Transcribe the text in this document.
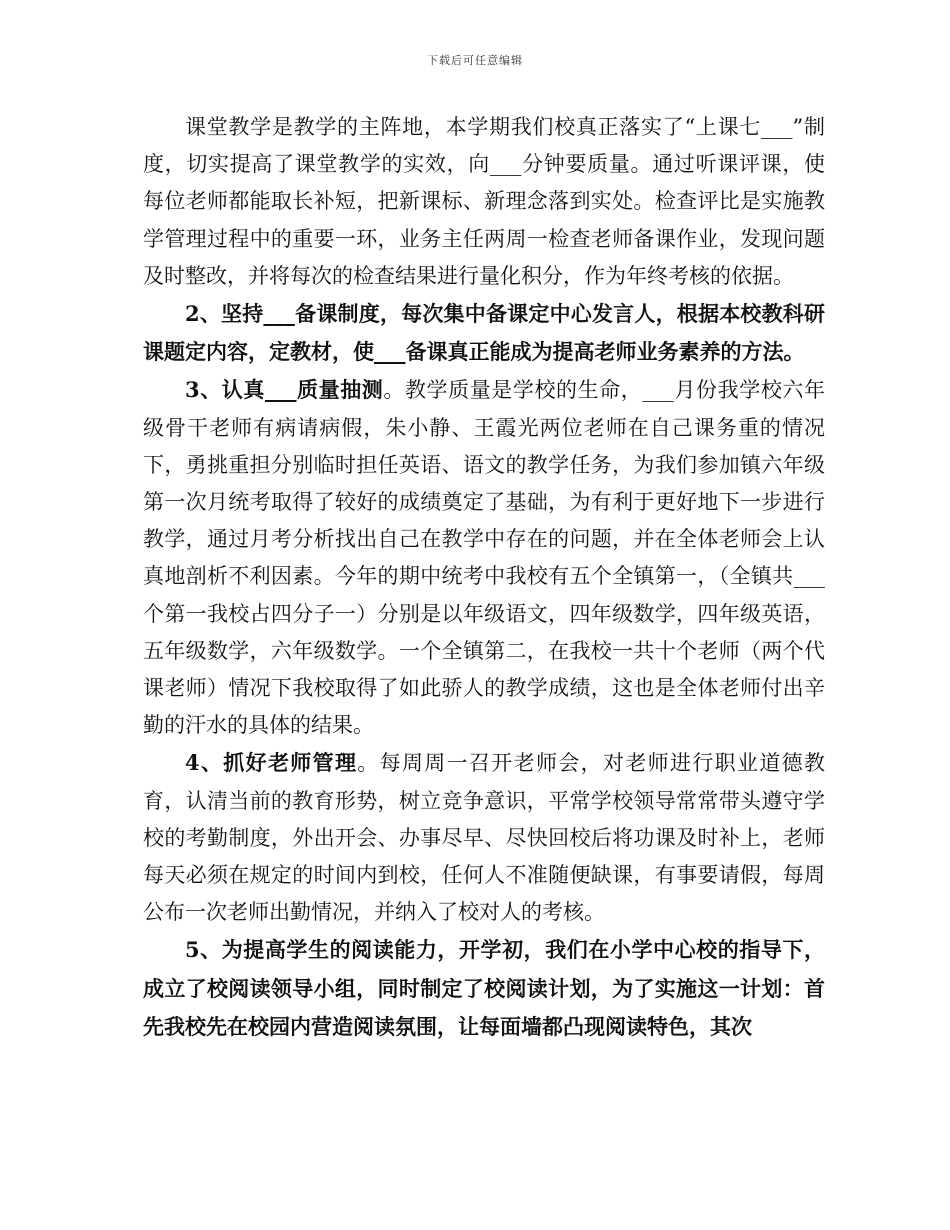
下载后可任意编辑

课堂教学是教学的主阵地，本学期我们校真正落实了“上课七___”制度，切实提高了课堂教学的实效，向___分钟要质量。通过听课评课，使每位老师都能取长补短，把新课标、新理念落到实处。检查评比是实施教学管理过程中的重要一环，业务主任两周一检查老师备课作业，发现问题及时整改，并将每次的检查结果进行量化积分，作为年终考核的依据。

2、坚持___备课制度，每次集中备课定中心发言人，根据本校教科研课题定内容，定教材，使___备课真正能成为提高老师业务素养的方法。

3、认真___质量抽测。教学质量是学校的生命，___月份我学校六年级骨干老师有病请病假，朱小静、王霞光两位老师在自己课务重的情况下，勇挑重担分别临时担任英语、语文的教学任务，为我们参加镇六年级第一次月统考取得了较好的成绩奠定了基础，为有利于更好地下一步进行教学，通过月考分析找出自己在教学中存在的问题，并在全体老师会上认真地剖析不利因素。今年的期中统考中我校有五个全镇第一，（全镇共___个第一我校占四分子一）分别是以年级语文，四年级数学，四年级英语，五年级数学，六年级数学。一个全镇第二，在我校一共十个老师（两个代课老师）情况下我校取得了如此骄人的教学成绩，这也是全体老师付出辛勤的汗水的具体的结果。

4、抓好老师管理。每周周一召开老师会，对老师进行职业道德教育，认清当前的教育形势，树立竞争意识，平常学校领导常常带头遵守学校的考勤制度，外出开会、办事尽早、尽快回校后将功课及时补上，老师每天必须在规定的时间内到校，任何人不准随便缺课，有事要请假，每周公布一次老师出勤情况，并纳入了校对人的考核。

5、为提高学生的阅读能力，开学初，我们在小学中心校的指导下，成立了校阅读领导小组，同时制定了校阅读计划，为了实施这一计划：首先我校先在校园内营造阅读氛围，让每面墙都凸现阅读特色，其次
